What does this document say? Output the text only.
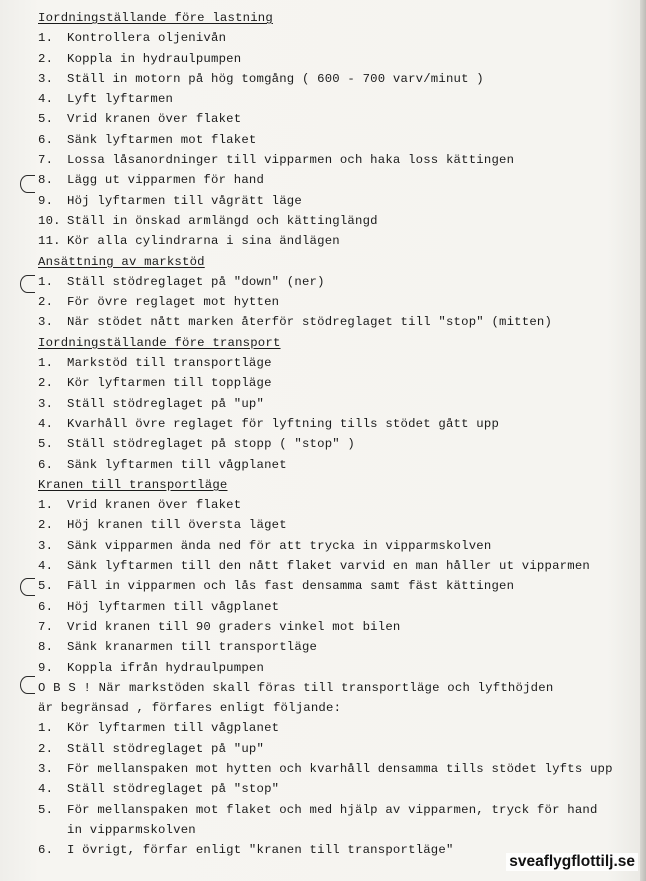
Iordningställande före lastning
1. Kontrollera oljenivån
2. Koppla in hydraulpumpen
3. Ställ in motorn på hög tomgång ( 600 - 700 varv/minut )
4. Lyft lyftarmen
5. Vrid kranen över flaket
6. Sänk lyftarmen mot flaket
7. Lossa låsanordninger till vipparmen och haka loss kättingen
8. Lägg ut vipparmen för hand
9. Höj lyftarmen till vågrätt läge
10. Ställ in önskad armlängd och kättinglängd
11. Kör alla cylindrarna i sina ändlägen
Ansättning av markstöd
1. Ställ stödreglaget på "down" (ner)
2. För övre reglaget mot hytten
3. När stödet nått marken återför stödreglaget till "stop" (mitten)
Iordningställande före transport
1. Markstöd till transportläge
2. Kör lyftarmen till toppläge
3. Ställ stödreglaget på "up"
4. Kvarhåll övre reglaget för lyftning tills stödet gått upp
5. Ställ stödreglaget på stopp ( "stop" )
6. Sänk lyftarmen till vågplanet
Kranen till transportläge
1. Vrid kranen över flaket
2. Höj kranen till översta läget
3. Sänk vipparmen ända ned för att trycka in vipparmskolven
4. Sänk lyftarmen till den nått flaket varvid en man håller ut vipparmen
5. Fäll in vipparmen och lås fast densamma samt fäst kättingen
6. Höj lyftarmen till vågplanet
7. Vrid kranen till 90 graders vinkel mot bilen
8. Sänk kranarmen till transportläge
9. Koppla ifrån hydraulpumpen
O B S ! När markstöden skall föras till transportläge och lyfthöjden
är begränsad , förfares enligt följande:
1. Kör lyftarmen till vågplanet
2. Ställ stödreglaget på "up"
3. För mellanspaken mot hytten och kvarhåll densamma tills stödet lyfts upp
4. Ställ stödreglaget på "stop"
5. För mellanspaken mot flaket och med hjälp av vipparmen, tryck för hand
in vipparmskolven
6. I övrigt, förfar enligt "kranen till transportläge"
sveaflygflottilj.se
